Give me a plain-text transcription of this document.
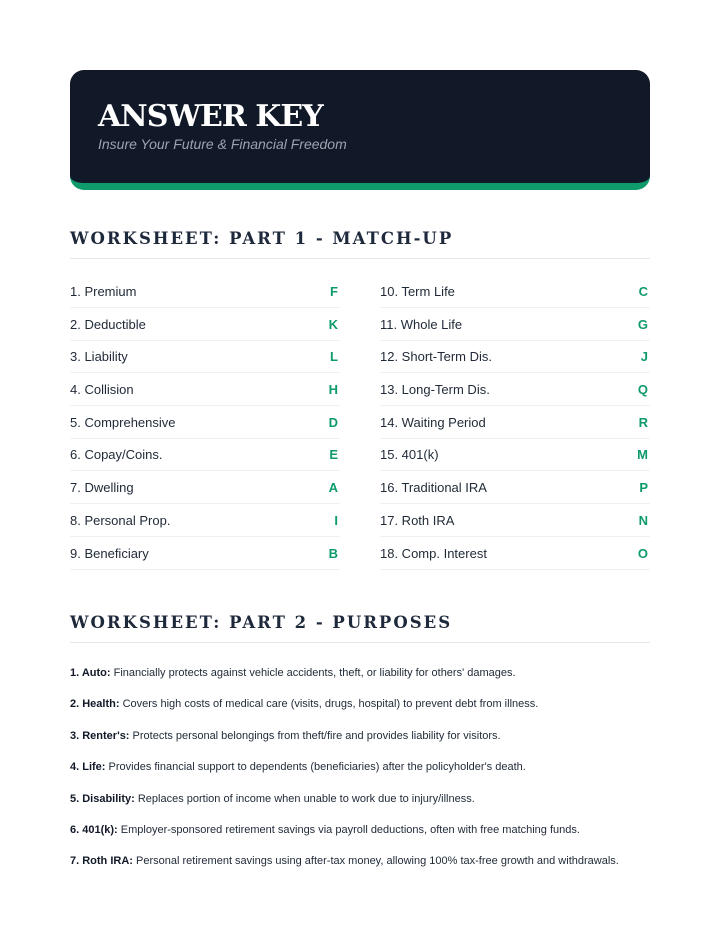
ANSWER KEY
Insure Your Future & Financial Freedom
WORKSHEET: PART 1 - MATCH-UP
1. Premium	F
2. Deductible	K
3. Liability	L
4. Collision	H
5. Comprehensive	D
6. Copay/Coins.	E
7. Dwelling	A
8. Personal Prop.	I
9. Beneficiary	B
10. Term Life	C
11. Whole Life	G
12. Short-Term Dis.	J
13. Long-Term Dis.	Q
14. Waiting Period	R
15. 401(k)	M
16. Traditional IRA	P
17. Roth IRA	N
18. Comp. Interest	O
WORKSHEET: PART 2 - PURPOSES
1. Auto: Financially protects against vehicle accidents, theft, or liability for others' damages.
2. Health: Covers high costs of medical care (visits, drugs, hospital) to prevent debt from illness.
3. Renter's: Protects personal belongings from theft/fire and provides liability for visitors.
4. Life: Provides financial support to dependents (beneficiaries) after the policyholder's death.
5. Disability: Replaces portion of income when unable to work due to injury/illness.
6. 401(k): Employer-sponsored retirement savings via payroll deductions, often with free matching funds.
7. Roth IRA: Personal retirement savings using after-tax money, allowing 100% tax-free growth and withdrawals.
